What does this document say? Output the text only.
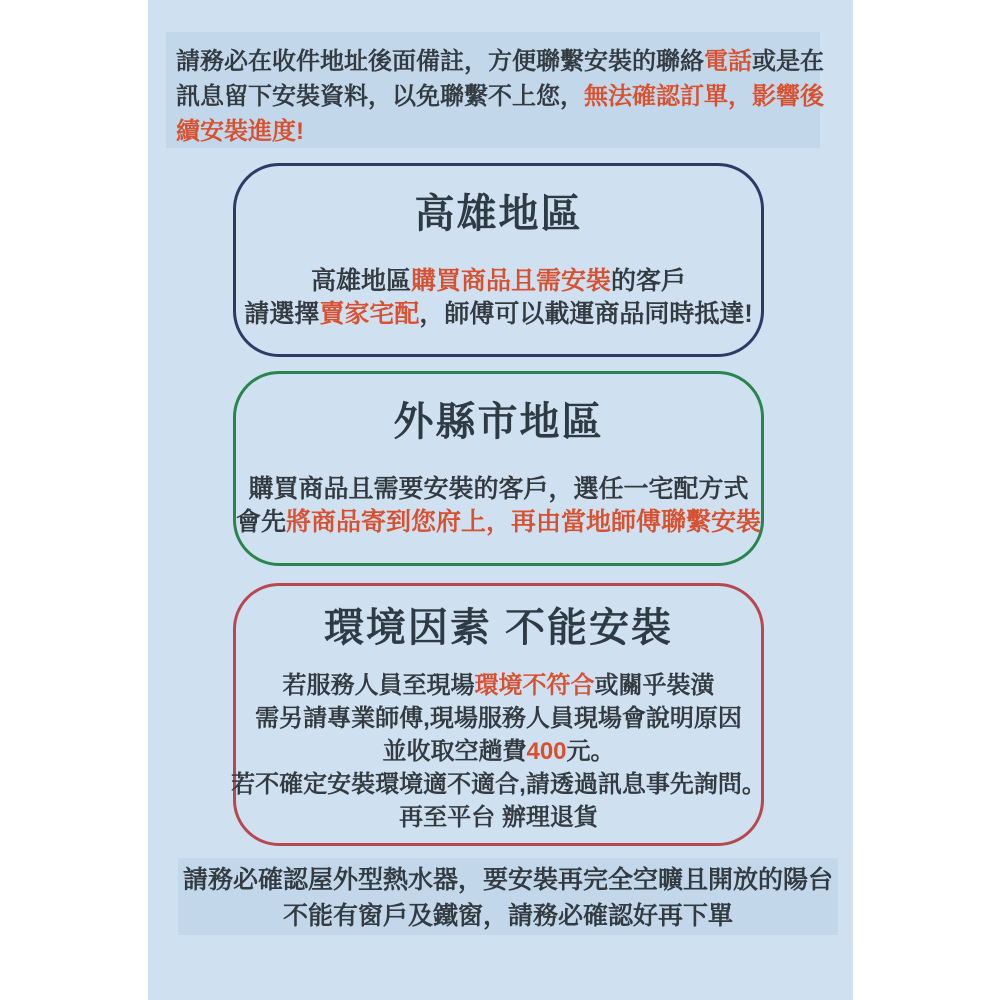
請務必在收件地址後面備註，方便聯繫安裝的聯絡電話或是在
訊息留下安裝資料，以免聯繫不上您，無法確認訂單，影響後
續安裝進度!
高雄地區
高雄地區 購買商品且需安裝 的客戶
請選擇 賣家宅配 ，師傅可以載運商品同時抵達!
外縣市地區
購買商品且需要安裝的客戶，選任一宅配方式
會先 將商品寄到您府上，再由當地師傅聯繫安裝
環境因素 不能安裝
若服務人員至現場 環境不符合 或關乎裝潢
需另請專業師傅,現場服務人員現場會說明原因
並收取空趟費 400 元。
若不確定安裝環境適不適合,請透過訊息事先詢問。
再至平台 辦理退貨
請務必確認屋外型熱水器，要安裝再完全空曠且開放的陽台
不能有窗戶及鐵窗，請務必確認好再下單
